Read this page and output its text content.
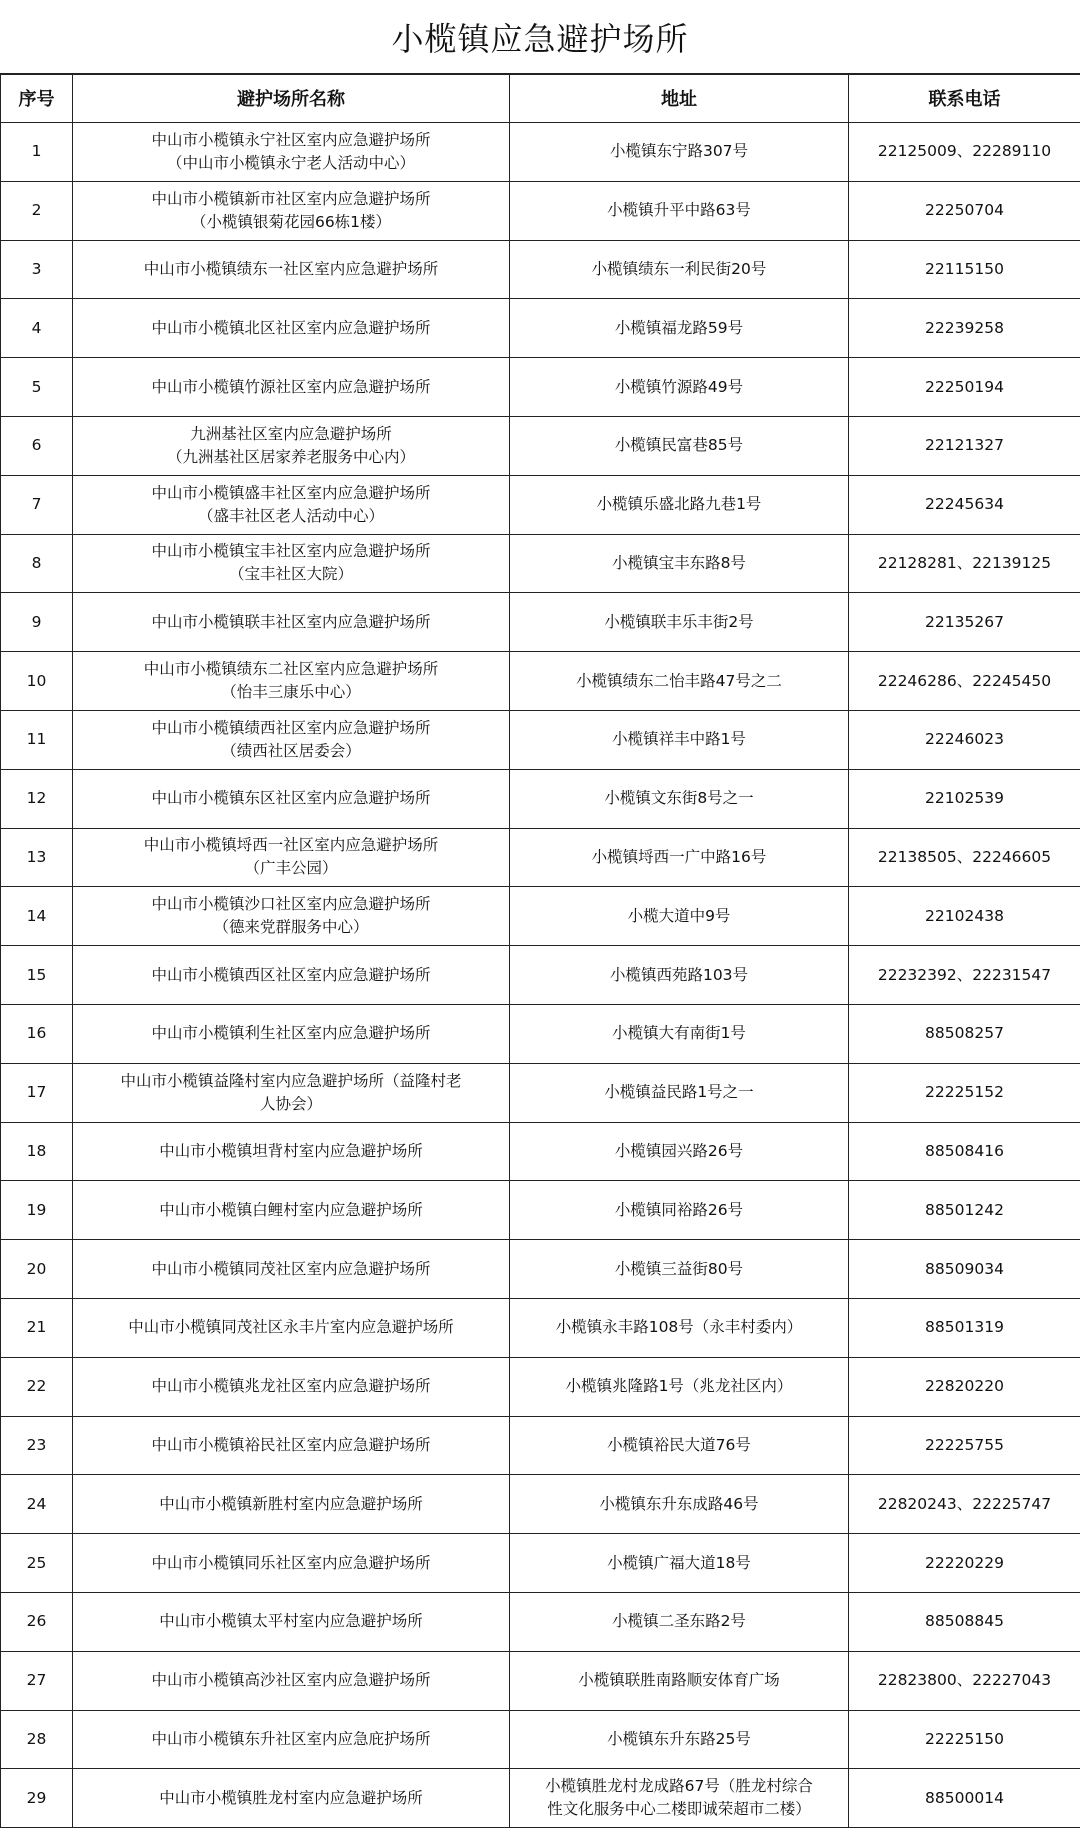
小榄镇应急避护场所
序号	避护场所名称	地址	联系电话
1	中山市小榄镇永宁社区室内应急避护场所
（中山市小榄镇永宁老人活动中心）	小榄镇东宁路307号	22125009、22289110
2	中山市小榄镇新市社区室内应急避护场所
（小榄镇银菊花园66栋1楼）	小榄镇升平中路63号	22250704
3	中山市小榄镇绩东一社区室内应急避护场所	小榄镇绩东一利民街20号	22115150
4	中山市小榄镇北区社区室内应急避护场所	小榄镇福龙路59号	22239258
5	中山市小榄镇竹源社区室内应急避护场所	小榄镇竹源路49号	22250194
6	九洲基社区室内应急避护场所
（九洲基社区居家养老服务中心内）	小榄镇民富巷85号	22121327
7	中山市小榄镇盛丰社区室内应急避护场所
（盛丰社区老人活动中心）	小榄镇乐盛北路九巷1号	22245634
8	中山市小榄镇宝丰社区室内应急避护场所
（宝丰社区大院）	小榄镇宝丰东路8号	22128281、22139125
9	中山市小榄镇联丰社区室内应急避护场所	小榄镇联丰乐丰街2号	22135267
10	中山市小榄镇绩东二社区室内应急避护场所
（怡丰三康乐中心）	小榄镇绩东二怡丰路47号之二	22246286、22245450
11	中山市小榄镇绩西社区室内应急避护场所
（绩西社区居委会）	小榄镇祥丰中路1号	22246023
12	中山市小榄镇东区社区室内应急避护场所	小榄镇文东街8号之一	22102539
13	中山市小榄镇埒西一社区室内应急避护场所
（广丰公园）	小榄镇埒西一广中路16号	22138505、22246605
14	中山市小榄镇沙口社区室内应急避护场所
（德来党群服务中心）	小榄大道中9号	22102438
15	中山市小榄镇西区社区室内应急避护场所	小榄镇西苑路103号	22232392、22231547
16	中山市小榄镇利生社区室内应急避护场所	小榄镇大有南街1号	88508257
17	中山市小榄镇益隆村室内应急避护场所（益隆村老
人协会）	小榄镇益民路1号之一	22225152
18	中山市小榄镇坦背村室内应急避护场所	小榄镇园兴路26号	88508416
19	中山市小榄镇白鲤村室内应急避护场所	小榄镇同裕路26号	88501242
20	中山市小榄镇同茂社区室内应急避护场所	小榄镇三益街80号	88509034
21	中山市小榄镇同茂社区永丰片室内应急避护场所	小榄镇永丰路108号（永丰村委内）	88501319
22	中山市小榄镇兆龙社区室内应急避护场所	小榄镇兆隆路1号（兆龙社区内）	22820220
23	中山市小榄镇裕民社区室内应急避护场所	小榄镇裕民大道76号	22225755
24	中山市小榄镇新胜村室内应急避护场所	小榄镇东升东成路46号	22820243、22225747
25	中山市小榄镇同乐社区室内应急避护场所	小榄镇广福大道18号	22220229
26	中山市小榄镇太平村室内应急避护场所	小榄镇二圣东路2号	88508845
27	中山市小榄镇高沙社区室内应急避护场所	小榄镇联胜南路顺安体育广场	22823800、22227043
28	中山市小榄镇东升社区室内应急庇护场所	小榄镇东升东路25号	22225150
29	中山市小榄镇胜龙村室内应急避护场所	小榄镇胜龙村龙成路67号（胜龙村综合
性文化服务中心二楼即诚荣超市二楼）	88500014
